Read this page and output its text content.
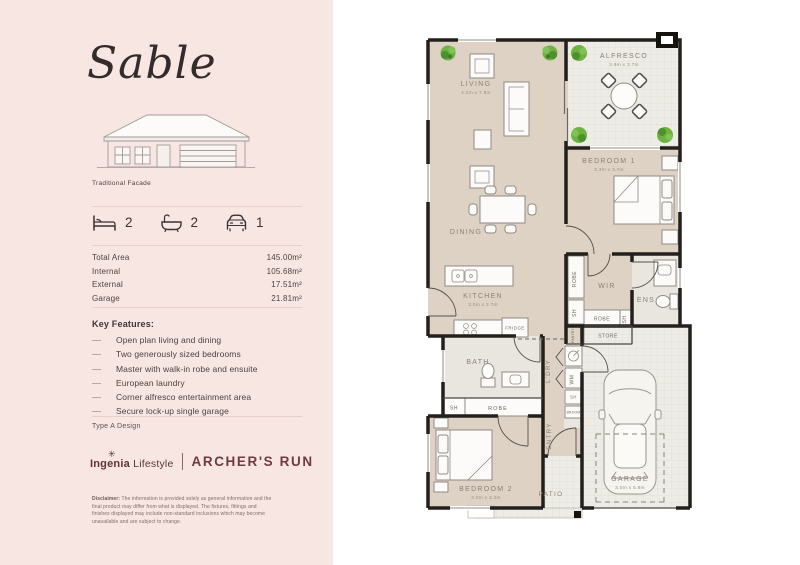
Sable
Traditional Facade
2	2	1
Total Area	145.00m²
Internal	105.68m²
External	17.51m²
Garage	21.81m²
Key Features:
Open plan living and dining
Two generously sized bedrooms
Master with walk-in robe and ensuite
European laundry
Corner alfresco entertainment area
Secure lock-up single garage
Type A Design
✳
Ingenia Lifestyle ARCHER'S RUN

Disclaimer: The information is provided solely as general information and the final product may differ from what is displayed. The fixtures, fittings and finishes displayed may include non-standard inclusions which may become unavailable and are subject to change.

LIVING
4.2m x 7.8m
ALFRESCO
3.9m x 3.7m
BEDROOM 1
3.3m x 3.7m
DINING
KITCHEN
3.0m x 2.7m
WIR
ENS
BATH
BEDROOM 2
3.0m x 3.2m
PATIO
GARAGE
3.0m x 5.8m
ROBE
SH
ROBE SH
STORE
PANTRY
FRIDGE
WM
SH
BROOM
L'DRY
ENTRY
SH	ROBE
